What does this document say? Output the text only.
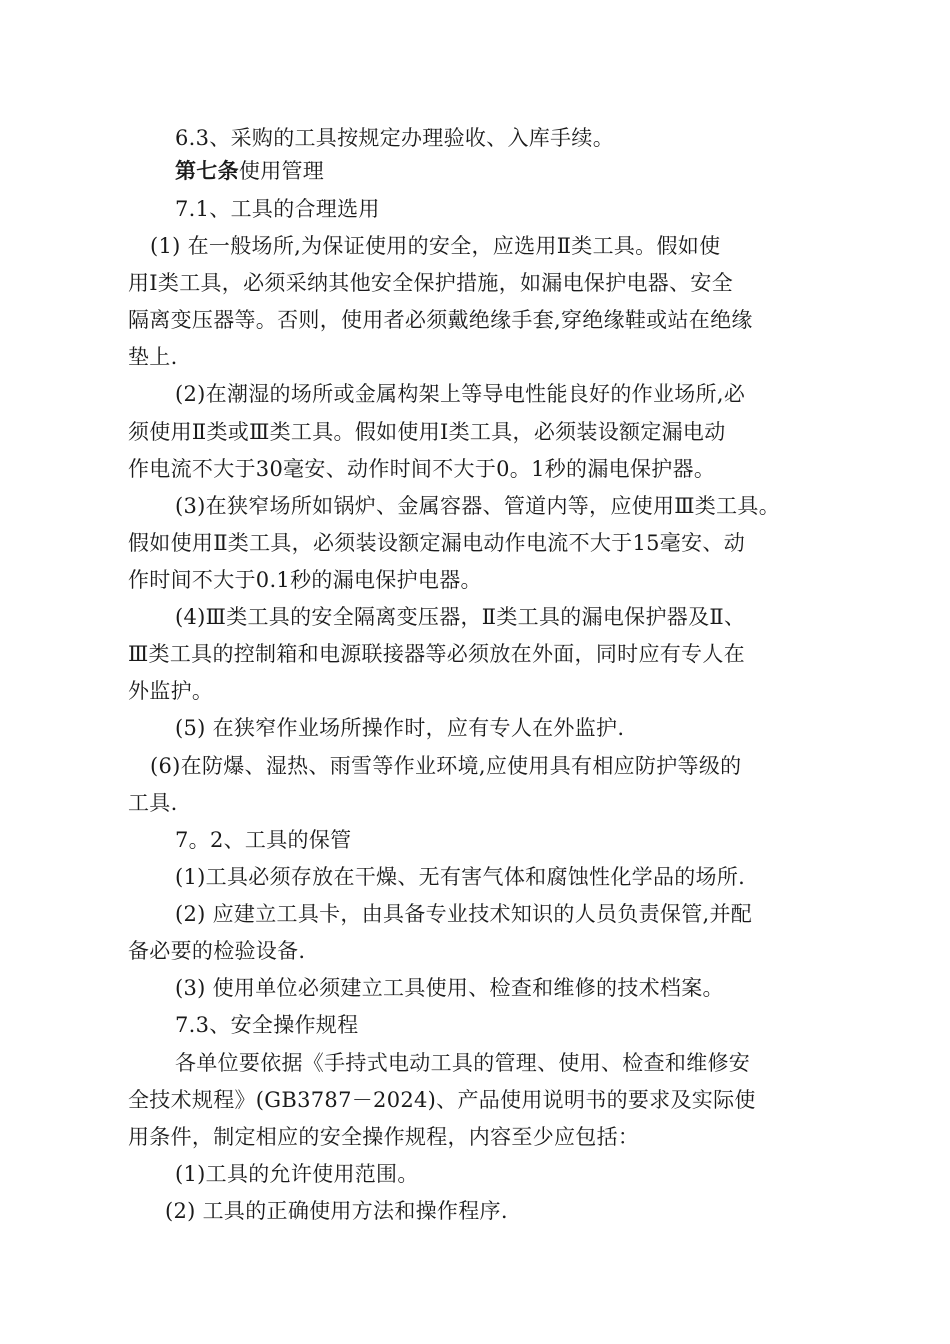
6.3、采购的工具按规定办理验收、入库手续。
第七条使用管理
7.1、工具的合理选用
(1) 在一般场所,为保证使用的安全，应选用Ⅱ类工具。假如使
用Ⅰ类工具，必须采纳其他安全保护措施，如漏电保护电器、安全
隔离变压器等。否则，使用者必须戴绝缘手套,穿绝缘鞋或站在绝缘
垫上.
(2)在潮湿的场所或金属构架上等导电性能良好的作业场所,必
须使用Ⅱ类或Ⅲ类工具。假如使用Ⅰ类工具，必须装设额定漏电动
作电流不大于30毫安、动作时间不大于0。1秒的漏电保护器。
(3)在狭窄场所如锅炉、金属容器、管道内等，应使用Ⅲ类工具。
假如使用Ⅱ类工具，必须装设额定漏电动作电流不大于15毫安、动
作时间不大于0.1秒的漏电保护电器。
(4)Ⅲ类工具的安全隔离变压器，Ⅱ类工具的漏电保护器及Ⅱ、
Ⅲ类工具的控制箱和电源联接器等必须放在外面，同时应有专人在
外监护。
(5) 在狭窄作业场所操作时，应有专人在外监护.
(6)在防爆、湿热、雨雪等作业环境,应使用具有相应防护等级的
工具.
7。2、工具的保管
(1)工具必须存放在干燥、无有害气体和腐蚀性化学品的场所.
(2) 应建立工具卡，由具备专业技术知识的人员负责保管,并配
备必要的检验设备.
(3) 使用单位必须建立工具使用、检查和维修的技术档案。
7.3、安全操作规程
各单位要依据《手持式电动工具的管理、使用、检查和维修安
全技术规程》(GB3787－2024)、产品使用说明书的要求及实际使
用条件，制定相应的安全操作规程，内容至少应包括：
(1)工具的允许使用范围。
(2) 工具的正确使用方法和操作程序.
